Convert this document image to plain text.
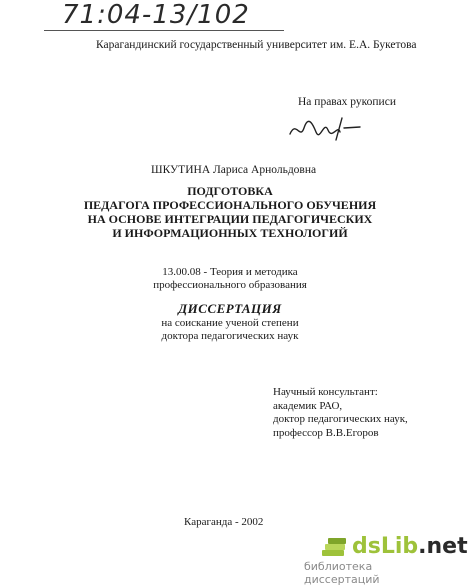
71:04-13/102
Карагандинский государственный университет им. Е.А. Букетова
На правах рукописи
ШКУТИНА Лариса Арнольдовна
ПОДГОТОВКА
ПЕДАГОГА ПРОФЕССИОНАЛЬНОГО ОБУЧЕНИЯ
НА ОСНОВЕ ИНТЕГРАЦИИ ПЕДАГОГИЧЕСКИХ
И ИНФОРМАЦИОННЫХ ТЕХНОЛОГИЙ
13.00.08 - Теория и методика
профессионального образования
ДИССЕРТАЦИЯ
на соискание ученой степени
доктора педагогических наук
Научный консультант:
академик РАО,
доктор педагогических наук,
профессор В.В.Егоров
Караганда - 2002
dsLib.net
библиотека диссертаций
